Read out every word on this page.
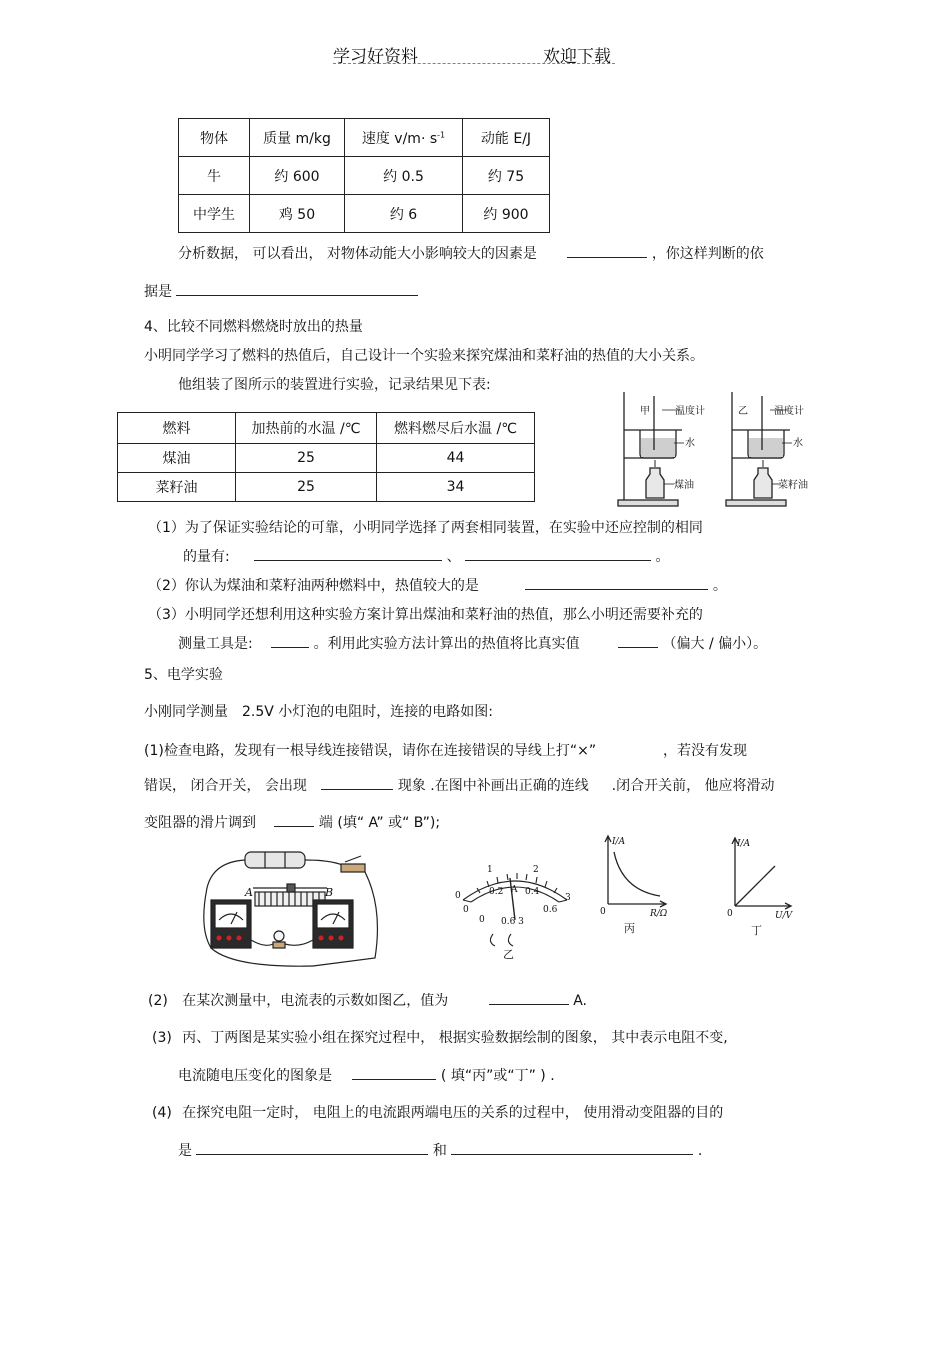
学习好资料	欢迎下载
物体	质量 m/kg	速度 $v/m\cdot s^{-1}$	动能 E/J
牛	约 600	约 0.5	约 75
中学生	鸡 50	约 6	约 900
分析数据， 可以看出， 对物体动能大小影响较大的因素是	，你这样判断的依
据是
4、比较不同燃料燃烧时放出的热量
小明同学学习了燃料的热值后，自己设计一个实验来探究煤油和菜籽油的热值的大小关系。
他组装了图所示的装置进行实验，记录结果见下表:
燃料	加热前的水温 /℃	燃料燃尽后水温 /℃
煤油	25	44
菜籽油	25	34
甲	温度计
水
煤油
乙	温度计
水
菜籽油
（1）为了保证实验结论的可靠，小明同学选择了两套相同装置，在实验中还应控制的相同
的量有:	、	。
（2）你认为煤油和菜籽油两种燃料中，热值较大的是	。
（3）小明同学还想利用这种实验方案计算出煤油和菜籽油的热值，那么小明还需要补充的
测量工具是:	。利用此实验方法计算出的热值将比真实值	（偏大 / 偏小）。
5、电学实验
小刚同学测量　2.5V 小灯泡的电阻时，连接的电路如图:
(1)检查电路，发现有一根导线连接错误，请你在连接错误的导线上打“×”	，若没有发现
错误， 闭合开关， 会出现	现象 .在图中补画出正确的连线 .闭合开关前， 他应将滑动
变阻器的滑片调到	端 (填“ A” 或“ B”);
A	B	0
1	2
3
0
0.2 0.4
0.6
A
0.6 3
0
乙
I/A
R/Ω
0
丙
I/A
U/V
0
丁
(2) 在某次测量中，电流表的示数如图乙，值为	A.
(3) 丙、丁两图是某实验小组在探究过程中， 根据实验数据绘制的图象， 其中表示电阻不变,
电流随电压变化的图象是	( 填“丙”或“丁” ) .
(4) 在探究电阻一定时， 电阻上的电流跟两端电压的关系的过程中， 使用滑动变阻器的目的
是	和	.
